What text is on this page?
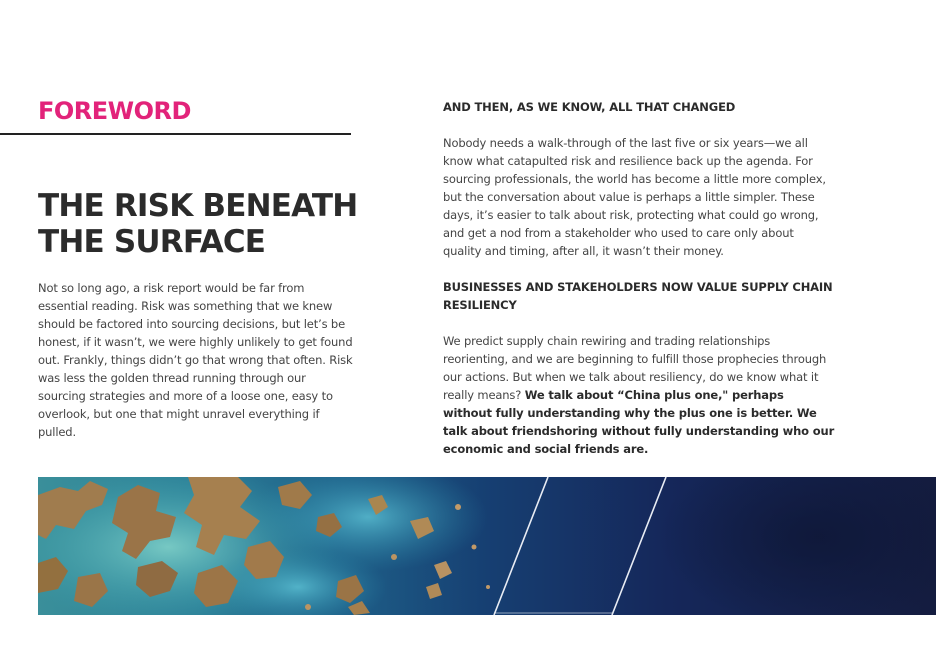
FOREWORD
THE RISK BENEATH
THE SURFACE

Not so long ago, a risk report would be far from essential reading. Risk was something that we knew should be factored into sourcing decisions, but let’s be honest, if it wasn’t, we were highly unlikely to get found out. Frankly, things didn’t go that wrong that often. Risk was less the golden thread running through our sourcing strategies and more of a loose one, easy to overlook, but one that might unravel everything if pulled.

AND THEN, AS WE KNOW, ALL THAT CHANGED

Nobody needs a walk-through of the last five or six years—we all know what catapulted risk and resilience back up the agenda. For sourcing professionals, the world has become a little more complex, but the conversation about value is perhaps a little simpler. These days, it’s easier to talk about risk, protecting what could go wrong, and get a nod from a stakeholder who used to care only about quality and timing, after all, it wasn’t their money.

BUSINESSES AND STAKEHOLDERS NOW VALUE SUPPLY CHAIN RESILIENCY

We predict supply chain rewiring and trading relationships reorienting, and we are beginning to fulfill those prophecies through our actions. But when we talk about resiliency, do we know what it really means? We talk about “China plus one," perhaps without fully understanding why the plus one is better. We talk about friendshoring without fully understanding who our economic and social friends are.
